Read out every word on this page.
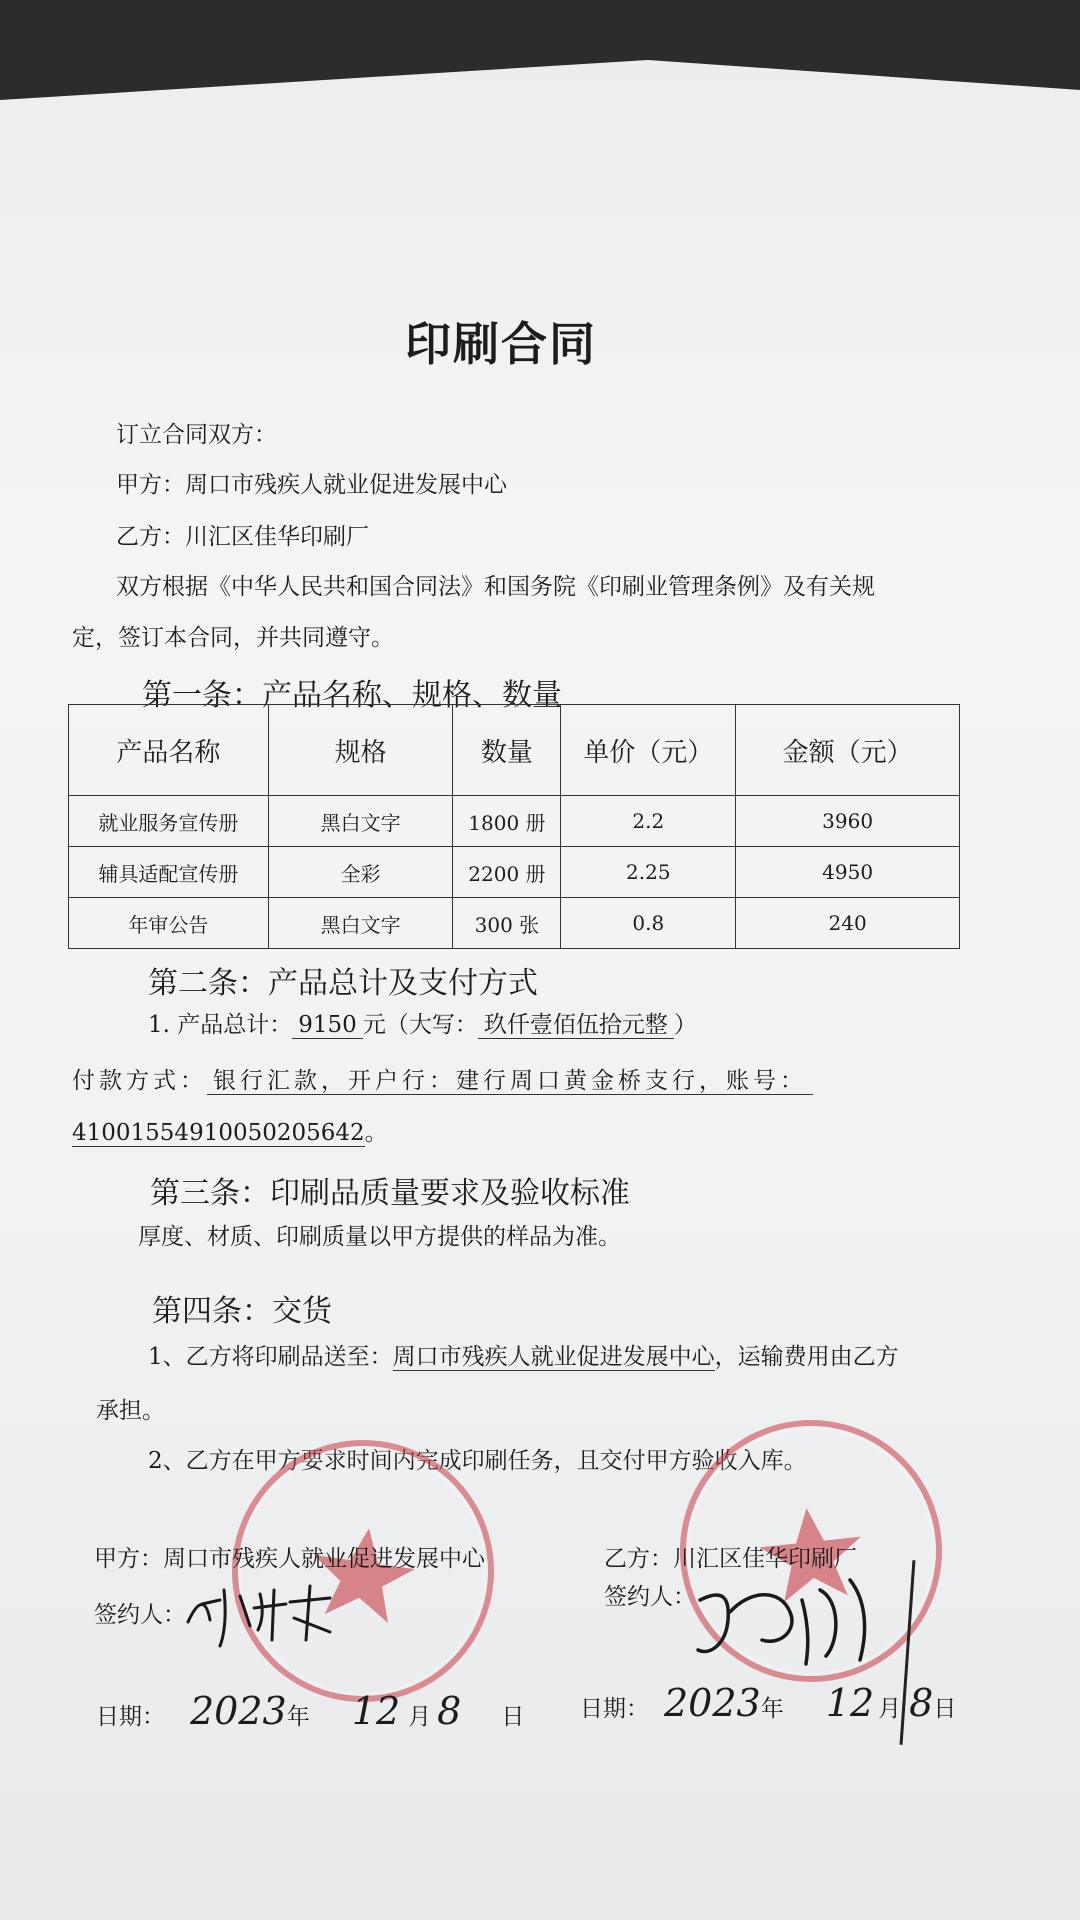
印刷合同
订立合同双方：
甲方：周口市残疾人就业促进发展中心
乙方：川汇区佳华印刷厂
双方根据《中华人民共和国合同法》和国务院《印刷业管理条例》及有关规
定，签订本合同，并共同遵守。
第一条：产品名称、规格、数量
产品名称	规格	数量	单价（元）	金额（元）
就业服务宣传册	黑白文字	1800 册	2.2	3960
辅具适配宣传册	全彩	2200 册	2.25	4950
年审公告	黑白文字	300 张	0.8	240
第二条：产品总计及支付方式
1. 产品总计： 9150 元（大写： 玖仟壹佰伍拾元整 ）
付款方式： 银行汇款，开户行：建行周口黄金桥支行，账号：
41001554910050205642。
第三条：印刷品质量要求及验收标准
厚度、材质、印刷质量以甲方提供的样品为准。
第四条：交货
1、乙方将印刷品送至：周口市残疾人就业促进发展中心，运输费用由乙方
承担。
2、乙方在甲方要求时间内完成印刷任务，且交付甲方验收入库。
甲方：周口市残疾人就业促进发展中心	乙方：川汇区佳华印刷厂
签约人：
签约人：
日期： 2023年 12 月 8 日 日期： 2023年 12 月 8日
